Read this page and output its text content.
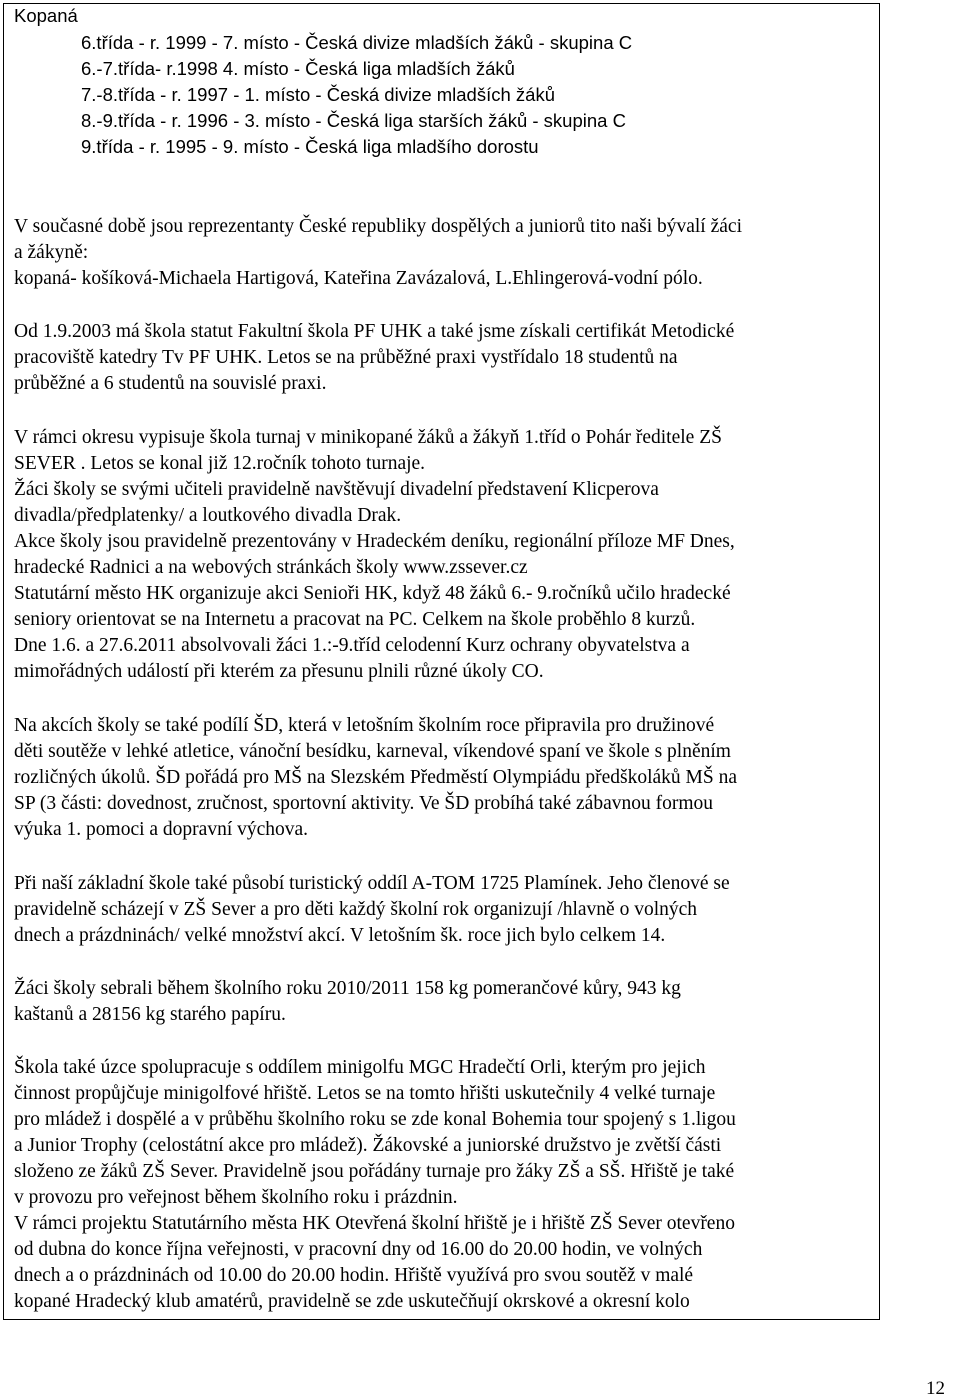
Kopaná
6.třída - r. 1999 - 7. místo - Česká divize mladších žáků - skupina C
6.-7.třída- r.1998 4. místo - Česká liga mladších žáků
7.-8.třída - r. 1997 - 1. místo - Česká divize mladších žáků
8.-9.třída - r. 1996 - 3. místo - Česká liga starších žáků - skupina C
9.třída - r. 1995 - 9. místo - Česká liga mladšího dorostu
V současné době jsou reprezentanty České republiky dospělých a juniorů tito naši bývalí žáci
a žákyně:
kopaná- košíková-Michaela Hartigová, Kateřina Zavázalová, L.Ehlingerová-vodní pólo.
Od 1.9.2003 má škola statut Fakultní škola PF UHK a také jsme získali certifikát Metodické
pracoviště katedry Tv PF UHK. Letos se na průběžné praxi vystřídalo 18 studentů na
průběžné a 6 studentů na souvislé praxi.
V rámci okresu vypisuje škola turnaj v minikopané žáků a žákyň 1.tříd o Pohár ředitele ZŠ
SEVER . Letos se konal již 12.ročník tohoto turnaje.
Žáci školy se svými učiteli pravidelně navštěvují divadelní představení Klicperova
divadla/předplatenky/ a loutkového divadla Drak.
Akce školy jsou pravidelně prezentovány v Hradeckém deníku, regionální příloze MF Dnes,
hradecké Radnici a na webových stránkách školy www.zssever.cz
Statutární město HK organizuje akci Senioři HK, když 48 žáků 6.- 9.ročníků učilo hradecké
seniory orientovat se na Internetu a pracovat na PC. Celkem na škole proběhlo 8 kurzů.
Dne 1.6. a 27.6.2011 absolvovali žáci 1.:-9.tříd celodenní Kurz ochrany obyvatelstva a
mimořádných událostí při kterém za přesunu plnili různé úkoly CO.
Na akcích školy se také podílí ŠD, která v letošním školním roce připravila pro družinové
děti soutěže v lehké atletice, vánoční besídku, karneval, víkendové spaní ve škole s plněním
rozličných úkolů. ŠD pořádá pro MŠ na Slezském Předměstí Olympiádu předškoláků MŠ na
SP (3 části: dovednost, zručnost, sportovní aktivity. Ve ŠD probíhá také zábavnou formou
výuka 1. pomoci a dopravní výchova.
Při naší základní škole také působí turistický oddíl A-TOM 1725 Plamínek. Jeho členové se
pravidelně scházejí v ZŠ Sever a pro děti každý školní rok organizují /hlavně o volných
dnech a prázdninách/ velké množství akcí. V letošním šk. roce jich bylo celkem 14.
Žáci školy sebrali během školního roku 2010/2011 158 kg pomerančové kůry, 943 kg
kaštanů a 28156 kg starého papíru.
Škola také úzce spolupracuje s oddílem minigolfu MGC Hradečtí Orli, kterým pro jejich
činnost propůjčuje minigolfové hřiště. Letos se na tomto hřišti uskutečnily 4 velké turnaje
pro mládež i dospělé a v průběhu školního roku se zde konal Bohemia tour spojený s 1.ligou
a Junior Trophy (celostátní akce pro mládež). Žákovské a juniorské družstvo je zvětší části
složeno ze žáků ZŠ Sever. Pravidelně jsou pořádány turnaje pro žáky ZŠ a SŠ. Hřiště je také
v provozu pro veřejnost během školního roku i prázdnin.
V rámci projektu Statutárního města HK Otevřená školní hřiště je i hřiště ZŠ Sever otevřeno
od dubna do konce října veřejnosti, v pracovní dny od 16.00 do 20.00 hodin, ve volných
dnech a o prázdninách od 10.00 do 20.00 hodin. Hřiště využívá pro svou soutěž v malé
kopané Hradecký klub amatérů, pravidelně se zde uskutečňují okrskové a okresní kolo
12
